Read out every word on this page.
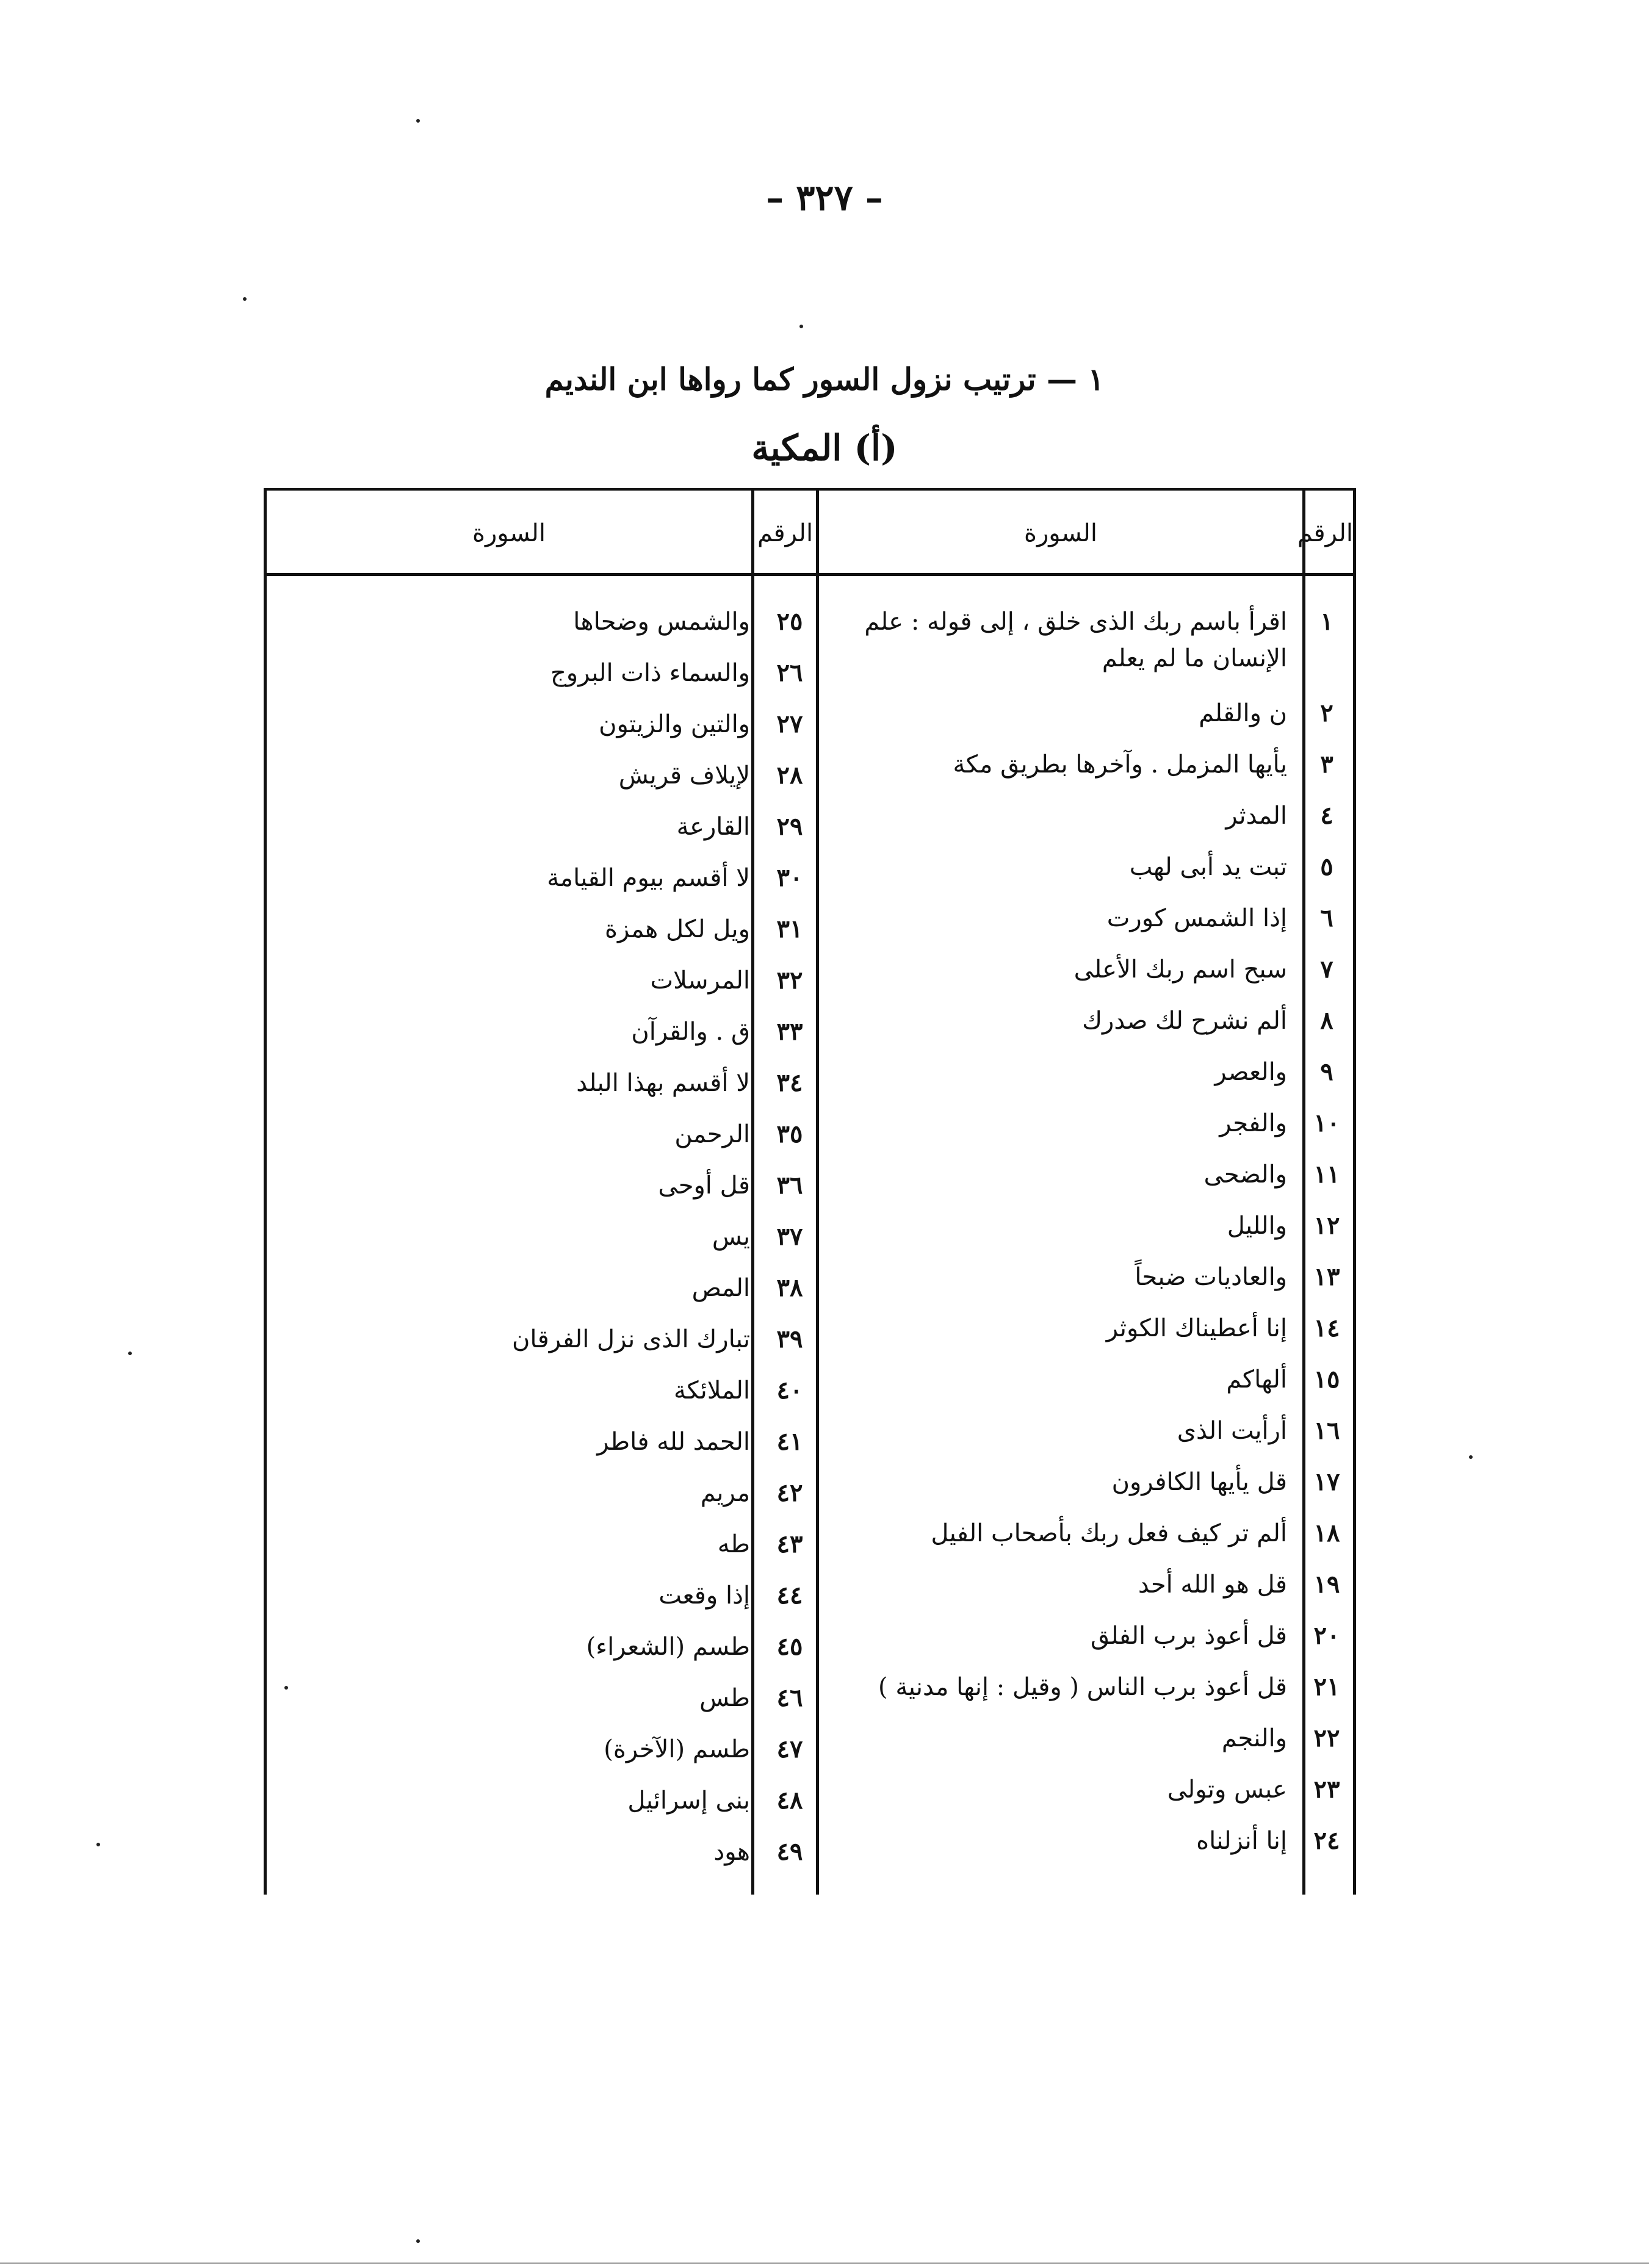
– ٣٢٧ –
١ — ترتيب نزول السور كما رواها ابن النديم
(أ) المكية
الرقم
السورة
الرقم
السورة
١
اقرأ باسم ربك الذى خلق ، إلى قوله : علم الإنسان ما لم يعلم
٢
ن والقلم
٣
يأيها المزمل . وآخرها بطريق مكة
٤
المدثر
٥
تبت يد أبى لهب
٦
إذا الشمس كورت
٧
سبح اسم ربك الأعلى
٨
ألم نشرح لك صدرك
٩
والعصر
١٠
والفجر
١١
والضحى
١٢
والليل
١٣
والعاديات ضبحاً
١٤
إنا أعطيناك الكوثر
١٥
ألهاكم
١٦
أرأيت الذى
١٧
قل يأيها الكافرون
١٨
ألم تر كيف فعل ربك بأصحاب الفيل
١٩
قل هو الله أحد
٢٠
قل أعوذ برب الفلق
٢١
قل أعوذ برب الناس ( وقيل : إنها مدنية )
٢٢
والنجم
٢٣
عبس وتولى
٢٤
إنا أنزلناه
٢٥
والشمس وضحاها
٢٦
والسماء ذات البروج
٢٧
والتين والزيتون
٢٨
لإيلاف قريش
٢٩
القارعة
٣٠
لا أقسم بيوم القيامة
٣١
ويل لكل همزة
٣٢
المرسلات
٣٣
ق . والقرآن
٣٤
لا أقسم بهذا البلد
٣٥
الرحمن
٣٦
قل أوحى
٣٧
يس
٣٨
المص
٣٩
تبارك الذى نزل الفرقان
٤٠
الملائكة
٤١
الحمد لله فاطر
٤٢
مريم
٤٣
طه
٤٤
إذا وقعت
٤٥
طسم (الشعراء)
٤٦
طس
٤٧
طسم (الآخرة)
٤٨
بنى إسرائيل
٤٩
هود
